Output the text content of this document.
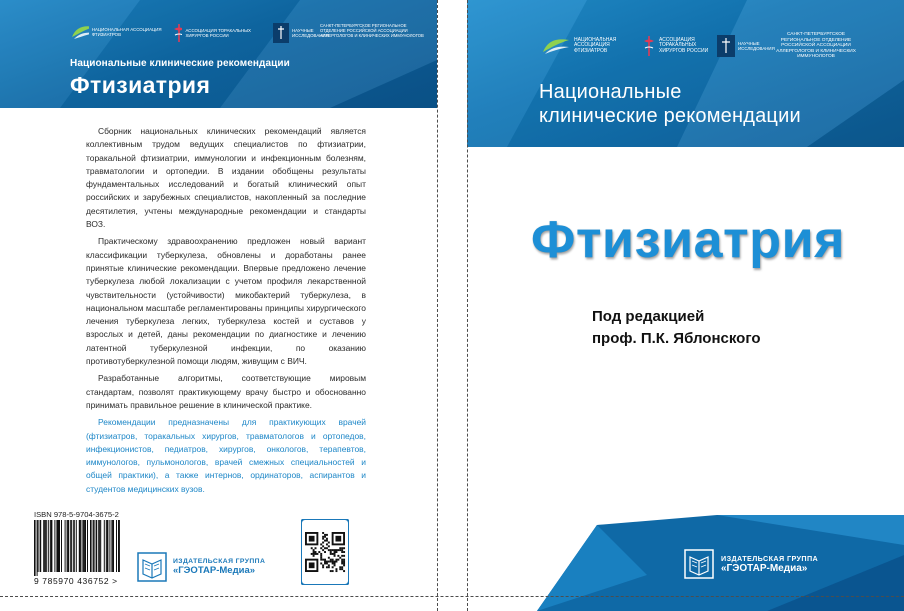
НАЦИОНАЛЬНАЯ АССОЦИАЦИЯ ФТИЗИАТРОВ
АССОЦИАЦИЯ ТОРАКАЛЬНЫХ ХИРУРГОВ РОССИИ
НАУЧНЫЕ ИССЛЕДОВАНИЯ
САНКТ-ПЕТЕРБУРГСКОЕ РЕГИОНАЛЬНОЕ ОТДЕЛЕНИЕ РОССИЙСКОЙ АССОЦИАЦИИ АЛЛЕРГОЛОГОВ И КЛИНИЧЕСКИХ ИММУНОЛОГОВ
Национальные клинические рекомендации
Фтизиатрия

Сборник национальных клинических рекомендаций является коллективным трудом ведущих специалистов по фтизиатрии, торакальной фтизиатрии, иммунологии и инфекционным болезням, травматологии и ортопедии. В издании обобщены результаты фундаментальных исследований и богатый клинический опыт российских и зарубежных специалистов, накопленный за последние десятилетия, учтены международные рекомендации и стандарты ВОЗ.

Практическому здравоохранению предложен новый вариант классификации туберкулеза, обновлены и доработаны ранее принятые клинические рекомендации. Впервые предложено лечение туберкулеза любой локализации с учетом профиля лекарственной чувствительности (устойчивости) микобактерий туберкулеза, в национальном масштабе регламентированы принципы хирургического лечения туберкулеза легких, туберкулеза костей и суставов у взрослых и детей, даны рекомендации по диагностике и лечению латентной туберкулезной инфекции, по оказанию противотуберкулезной помощи людям, живущим с ВИЧ.

Разработанные алгоритмы, соответствующие мировым стандартам, позволят практикующему врачу быстро и обоснованно принимать правильное решение в клинической практике.

Рекомендации предназначены для практикующих врачей (фтизиатров, торакальных хирургов, травматологов и ортопедов, инфекционистов, педиатров, хирургов, онкологов, терапевтов, иммунологов, пульмонологов, врачей смежных специальностей и общей практики), а также интернов, ординаторов, аспирантов и студентов медицинских вузов.

ISBN 978-5-9704-3675-2
9 785970 436752 >
ИЗДАТЕЛЬСКАЯ ГРУППА
«ГЭОТАР-Медиа»
НАЦИОНАЛЬНАЯ АССОЦИАЦИЯ ФТИЗИАТРОВ
АССОЦИАЦИЯ ТОРАКАЛЬНЫХ ХИРУРГОВ РОССИИ
НАУЧНЫЕ ИССЛЕДОВАНИЯ
САНКТ-ПЕТЕРБУРГСКОЕ РЕГИОНАЛЬНОЕ ОТДЕЛЕНИЕ РОССИЙСКОЙ АССОЦИАЦИИ АЛЛЕРГОЛОГОВ И КЛИНИЧЕСКИХ ИММУНОЛОГОВ
Национальные
клинические рекомендации
Фтизиатрия
Под редакцией
проф. П.К. Яблонского
ИЗДАТЕЛЬСКАЯ ГРУППА
«ГЭОТАР-Медиа»
